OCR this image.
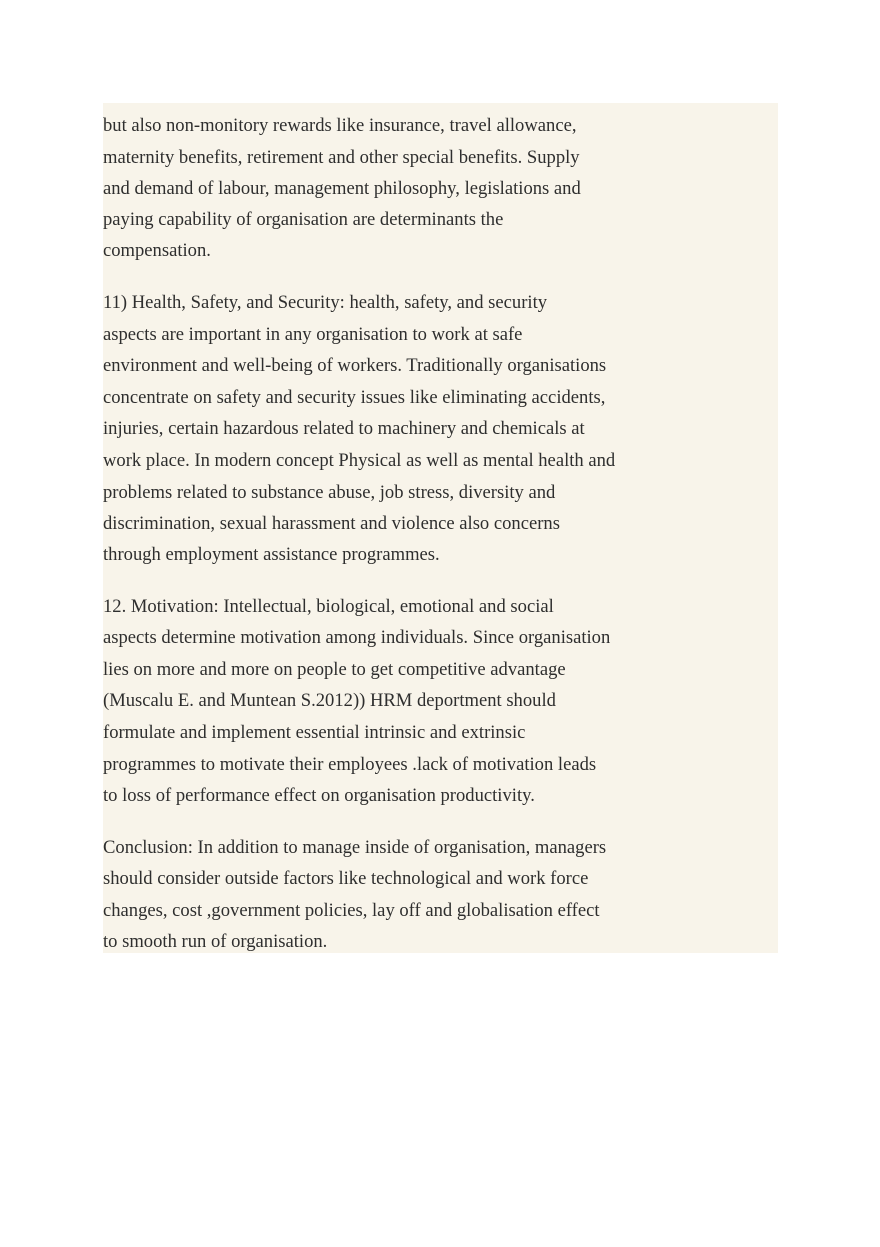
but also non-monitory rewards like insurance, travel allowance,

maternity benefits, retirement and other special benefits. Supply

and demand of labour, management philosophy, legislations and

paying capability of organisation are determinants the

compensation.

11) Health, Safety, and Security: health, safety, and security

aspects are important in any organisation to work at safe

environment and well-being of workers. Traditionally organisations

concentrate on safety and security issues like eliminating accidents,

injuries, certain hazardous related to machinery and chemicals at

work place. In modern concept Physical as well as mental health and

problems related to substance abuse, job stress, diversity and

discrimination, sexual harassment and violence also concerns

through employment assistance programmes.

12. Motivation: Intellectual, biological, emotional and social

aspects determine motivation among individuals. Since organisation

lies on more and more on people to get competitive advantage

(Muscalu E. and Muntean S.2012)) HRM deportment should

formulate and implement essential intrinsic and extrinsic

programmes to motivate their employees .lack of motivation leads

to loss of performance effect on organisation productivity.

Conclusion: In addition to manage inside of organisation, managers

should consider outside factors like technological and work force

changes, cost ,government policies, lay off and globalisation effect

to smooth run of organisation.
